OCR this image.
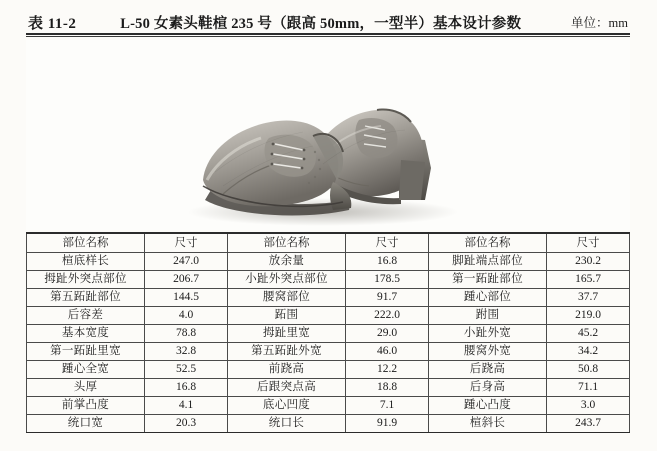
表 11-2	L-50 女素头鞋楦 235 号（跟高 50mm，一型半）基本设计参数	单位：mm
部位名称	尺寸	部位名称	尺寸	部位名称	尺寸
楦底样长	247.0	放余量	16.8	脚趾端点部位	230.2
拇趾外突点部位	206.7	小趾外突点部位	178.5	第一跖趾部位	165.7
第五跖趾部位	144.5	腰窝部位	91.7	踵心部位	37.7
后容差	4.0	跖围	222.0	跗围	219.0
基本宽度	78.8	拇趾里宽	29.0	小趾外宽	45.2
第一跖趾里宽	32.8	第五跖趾外宽	46.0	腰窝外宽	34.2
踵心全宽	52.5	前跷高	12.2	后跷高	50.8
头厚	16.8	后跟突点高	18.8	后身高	71.1
前掌凸度	4.1	底心凹度	7.1	踵心凸度	3.0
统口宽	20.3	统口长	91.9	楦斜长	243.7
